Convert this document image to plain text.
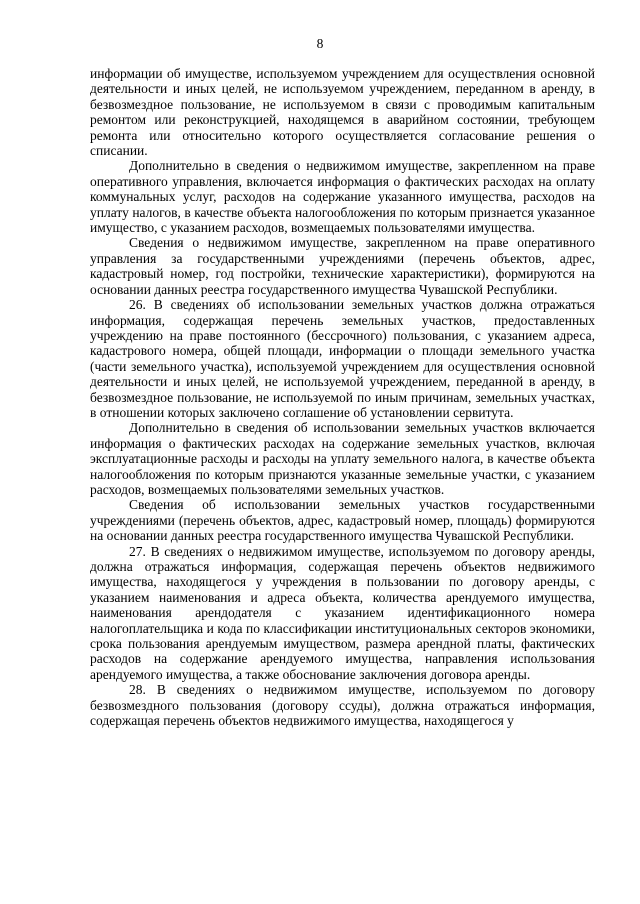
8

информации об имуществе, используемом учреждением для осуществления основной деятельности и иных целей, не используемом учреждением, переданном в аренду, в безвозмездное пользование, не используемом в связи с проводимым капитальным ремонтом или реконструкцией, находящемся в аварийном состоянии, требующем ремонта или относительно которого осуществляется согласование решения о списании.

Дополнительно в сведения о недвижимом имуществе, закрепленном на праве оперативного управления, включается информация о фактических расходах на оплату коммунальных услуг, расходов на содержание указанного имущества, расходов на уплату налогов, в качестве объекта налогообложения по которым признается указанное имущество, с указанием расходов, возмещаемых пользователями имущества.

Сведения о недвижимом имуществе, закрепленном на праве оперативного управления за государственными учреждениями (перечень объектов, адрес, кадастровый номер, год постройки, технические характеристики), формируются на основании данных реестра государственного имущества Чувашской Республики.

26. В сведениях об использовании земельных участков должна отражаться информация, содержащая перечень земельных участков, предоставленных учреждению на праве постоянного (бессрочного) пользования, с указанием адреса, кадастрового номера, общей площади, информации о площади земельного участка (части земельного участка), используемой учреждением для осуществления основной деятельности и иных целей, не используемой учреждением, переданной в аренду, в безвозмездное пользование, не используемой по иным причинам, земельных участках, в отношении которых заключено соглашение об установлении сервитута.

Дополнительно в сведения об использовании земельных участков включается информация о фактических расходах на содержание земельных участков, включая эксплуатационные расходы и расходы на уплату земельного налога, в качестве объекта налогообложения по которым признаются указанные земельные участки, с указанием расходов, возмещаемых пользователями земельных участков.

Сведения об использовании земельных участков государственными учреждениями (перечень объектов, адрес, кадастровый номер, площадь) формируются на основании данных реестра государственного имущества Чувашской Республики.

27. В сведениях о недвижимом имуществе, используемом по договору аренды, должна отражаться информация, содержащая перечень объектов недвижимого имущества, находящегося у учреждения в пользовании по договору аренды, с указанием наименования и адреса объекта, количества арендуемого имущества, наименования арендодателя с указанием идентификационного номера налогоплательщика и кода по классификации институциональных секторов экономики, срока пользования арендуемым имуществом, размера арендной платы, фактических расходов на содержание арендуемого имущества, направления использования арендуемого имущества, а также обоснование заключения договора аренды.

28. В сведениях о недвижимом имуществе, используемом по договору безвозмездного пользования (договору ссуды), должна отражаться информация, содержащая перечень объектов недвижимого имущества, находящегося у
